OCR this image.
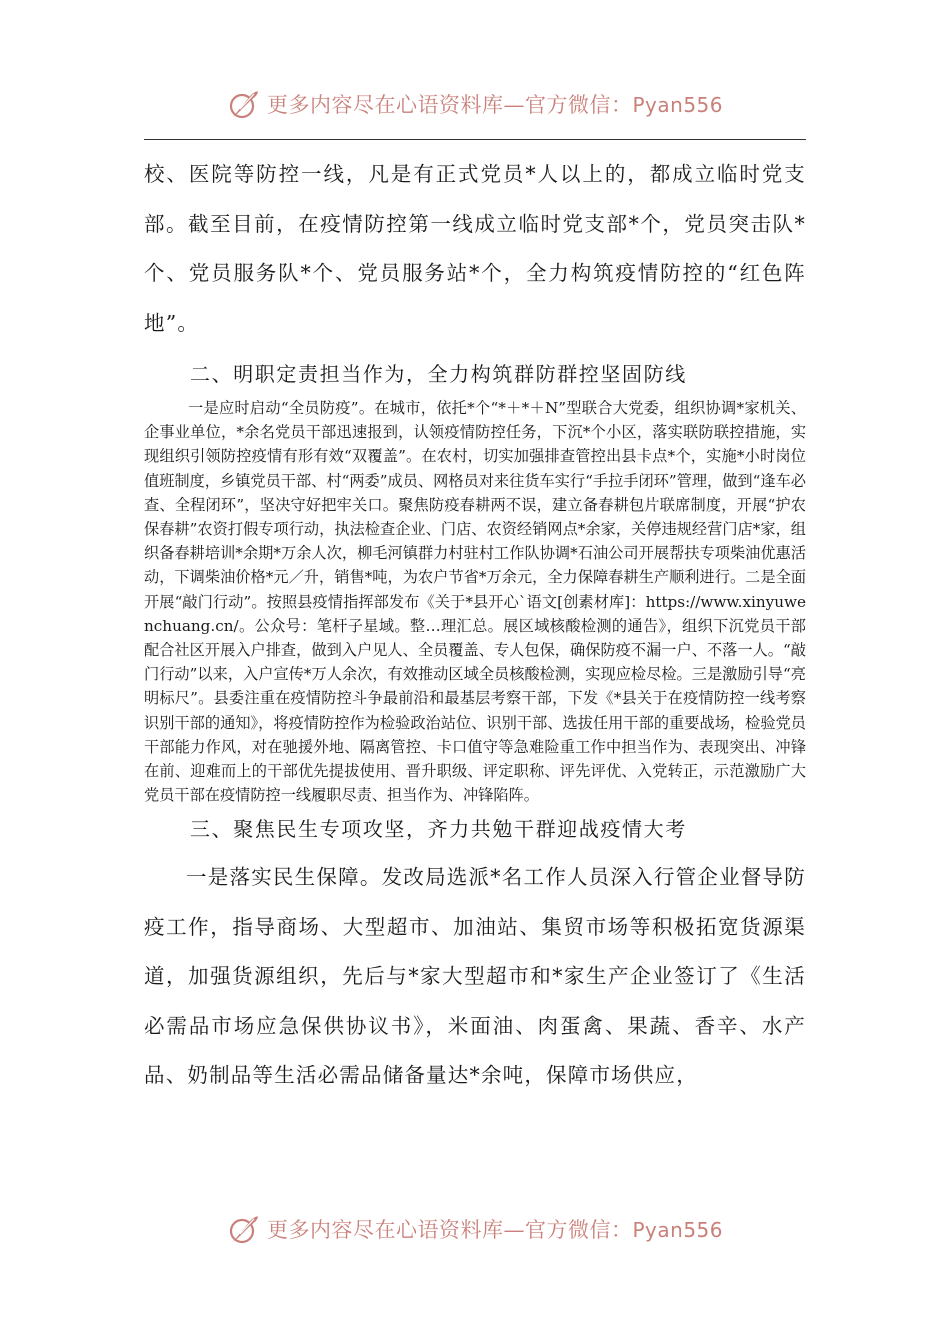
更多内容尽在心语资料库—官方微信：Pyan556

校、医院等防控一线，凡是有正式党员*人以上的，都成立临时党支部。截至目前，在疫情防控第一线成立临时党支部*个，党员突击队*个、党员服务队*个、党员服务站*个，全力构筑疫情防控的“红色阵地”。

二、明职定责担当作为，全力构筑群防群控坚固防线

一是应时启动“全员防疫”。在城市，依托*个“*＋*＋N”型联合大党委，组织协调*家机关、企事业单位，*余名党员干部迅速报到，认领疫情防控任务，下沉*个小区，落实联防联控措施，实现组织引领防控疫情有形有效“双覆盖”。在农村，切实加强排查管控出县卡点*个，实施*小时岗位值班制度，乡镇党员干部、村“两委”成员、网格员对来往货车实行“手拉手闭环”管理，做到“逢车必查、全程闭环”，坚决守好把牢关口。聚焦防疫春耕两不误，建立备春耕包片联席制度，开展“护农保春耕”农资打假专项行动，执法检查企业、门店、农资经销网点*余家，关停违规经营门店*家，组织备春耕培训*余期*万余人次，柳毛河镇群力村驻村工作队协调*石油公司开展帮扶专项柴油优惠活动，下调柴油价格*元／升，销售*吨，为农户节省*万余元，全力保障春耕生产顺利进行。二是全面开展“敲门行动”。按照县疫情指挥部发布《关于*县开心`语文[创素材库]：https://www.xinyuwenchuang.cn/。公众号：笔杆子星域。整…理汇总。展区域核酸检测的通告》，组织下沉党员干部配合社区开展入户排查，做到入户见人、全员覆盖、专人包保，确保防疫不漏一户、不落一人。“敲门行动”以来，入户宣传*万人余次，有效推动区域全员核酸检测，实现应检尽检。三是激励引导“亮明标尺”。县委注重在疫情防控斗争最前沿和最基层考察干部，下发《*县关于在疫情防控一线考察识别干部的通知》，将疫情防控作为检验政治站位、识别干部、选拔任用干部的重要战场，检验党员干部能力作风，对在驰援外地、隔离管控、卡口值守等急难险重工作中担当作为、表现突出、冲锋在前、迎难而上的干部优先提拔使用、晋升职级、评定职称、评先评优、入党转正，示范激励广大党员干部在疫情防控一线履职尽责、担当作为、冲锋陷阵。

三、聚焦民生专项攻坚，齐力共勉干群迎战疫情大考

一是落实民生保障。发改局选派*名工作人员深入行管企业督导防疫工作，指导商场、大型超市、加油站、集贸市场等积极拓宽货源渠道，加强货源组织，先后与*家大型超市和*家生产企业签订了《生活必需品市场应急保供协议书》，米面油、肉蛋禽、果蔬、香辛、水产品、奶制品等生活必需品储备量达*余吨，保障市场供应，

更多内容尽在心语资料库—官方微信：Pyan556
